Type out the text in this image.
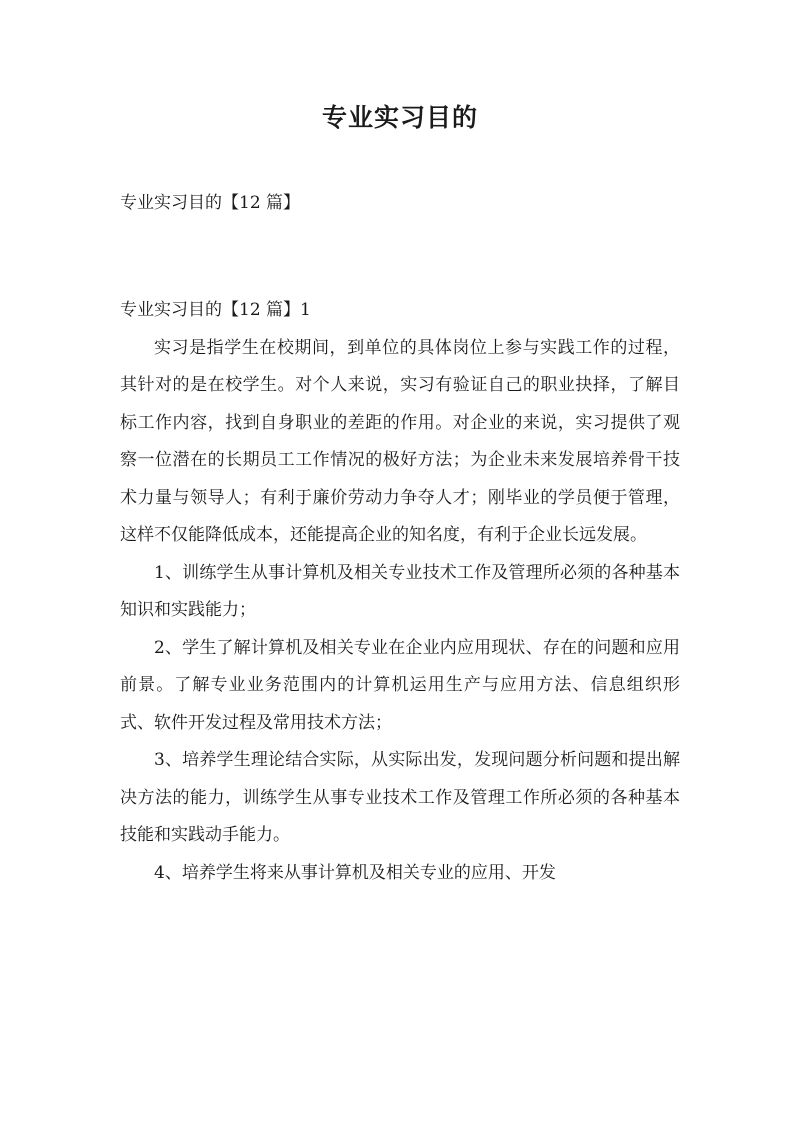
专业实习目的

专业实习目的【12 篇】

专业实习目的【12 篇】1

实习是指学生在校期间，到单位的具体岗位上参与实践工作的过程，其针对的是在校学生。对个人来说，实习有验证自己的职业抉择，了解目标工作内容，找到自身职业的差距的作用。对企业的来说，实习提供了观察一位潜在的长期员工工作情况的极好方法；为企业未来发展培养骨干技术力量与领导人；有利于廉价劳动力争夺人才；刚毕业的学员便于管理，这样不仅能降低成本，还能提高企业的知名度，有利于企业长远发展。

1、训练学生从事计算机及相关专业技术工作及管理所必须的各种基本知识和实践能力；

2、学生了解计算机及相关专业在企业内应用现状、存在的问题和应用前景。了解专业业务范围内的计算机运用生产与应用方法、信息组织形式、软件开发过程及常用技术方法；

3、培养学生理论结合实际，从实际出发，发现问题分析问题和提出解决方法的能力，训练学生从事专业技术工作及管理工作所必须的各种基本技能和实践动手能力。

4、培养学生将来从事计算机及相关专业的应用、开发
